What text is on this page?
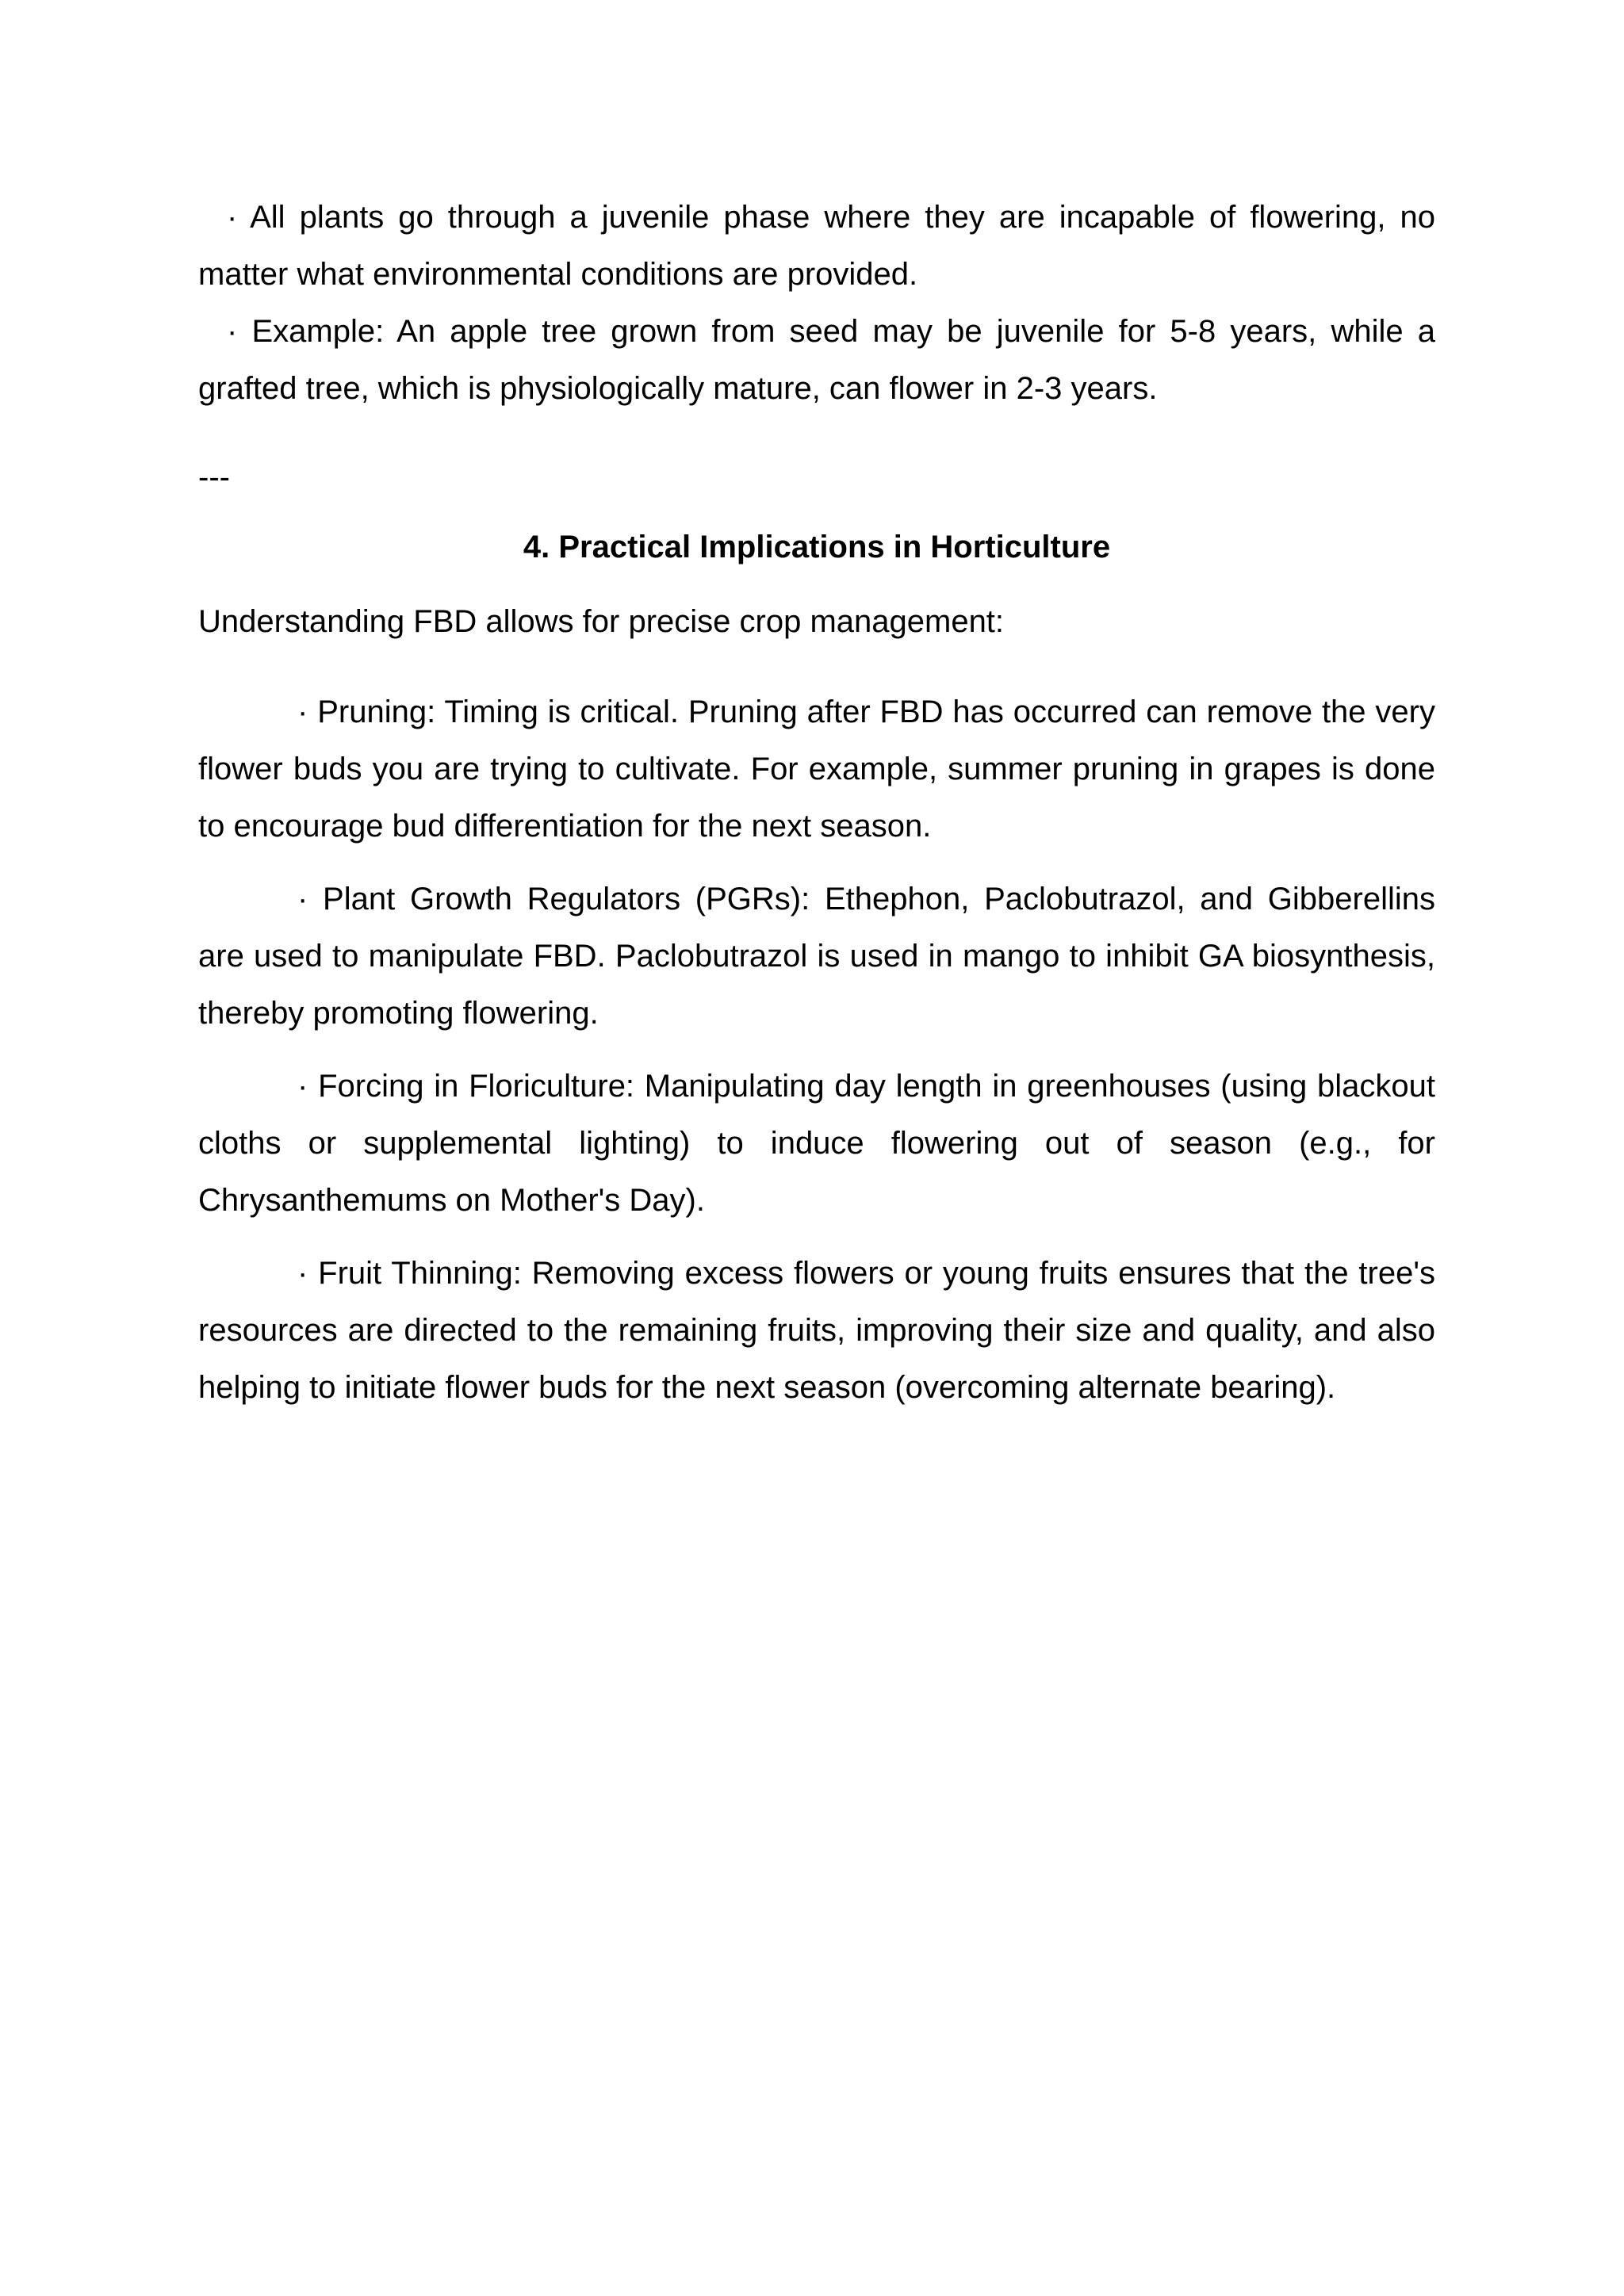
· All plants go through a juvenile phase where they are incapable of flowering, no matter what environmental conditions are provided.

· Example: An apple tree grown from seed may be juvenile for 5-8 years, while a grafted tree, which is physiologically mature, can flower in 2-3 years.

---

4. Practical Implications in Horticulture

Understanding FBD allows for precise crop management:

· Pruning: Timing is critical. Pruning after FBD has occurred can remove the very flower buds you are trying to cultivate. For example, summer pruning in grapes is done to encourage bud differentiation for the next season.

· Plant Growth Regulators (PGRs): Ethephon, Paclobutrazol, and Gibberellins are used to manipulate FBD. Paclobutrazol is used in mango to inhibit GA biosynthesis, thereby promoting flowering.

· Forcing in Floriculture: Manipulating day length in greenhouses (using blackout cloths or supplemental lighting) to induce flowering out of season (e.g., for Chrysanthemums on Mother's Day).

· Fruit Thinning: Removing excess flowers or young fruits ensures that the tree's resources are directed to the remaining fruits, improving their size and quality, and also helping to initiate flower buds for the next season (overcoming alternate bearing).
